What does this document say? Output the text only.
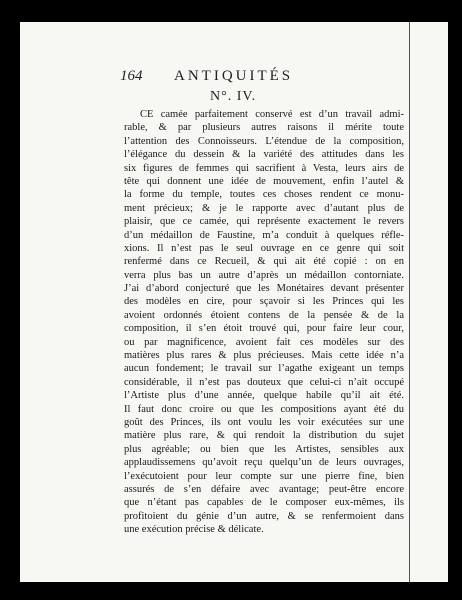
164 ANTIQUITÉS
N°. IV.
CE camée parfaitement conservé est d’un travail admi-
rable, & par plusieurs autres raisons il mérite toute
l’attention des Connoisseurs. L’étendue de la composition,
l’élégance du dessein & la variété des attitudes dans les
six figures de femmes qui sacrifient à Vesta, leurs airs de
tête qui donnent une idée de mouvement, enfin l’autel &
la forme du temple, toutes ces choses rendent ce monu-
ment précieux; & je le rapporte avec d’autant plus de
plaisir, que ce camée, qui représente exactement le revers
d’un médaillon de Faustine, m’a conduit à quelques réfle-
xions. Il n’est pas le seul ouvrage en ce genre qui soit
renfermé dans ce Recueil, & qui ait été copié : on en
verra plus bas un autre d’après un médaillon contorniate.
J’ai d’abord conjecturé que les Monétaires devant présenter
des modèles en cire, pour sçavoir si les Princes qui les
avoient ordonnés étoient contens de la pensée & de la
composition, il s’en étoit trouvé qui, pour faire leur cour,
ou par magnificence, avoient fait ces modèles sur des
matières plus rares & plus précieuses. Mais cette idée n’a
aucun fondement; le travail sur l’agathe exigeant un temps
considérable, il n’est pas douteux que celui-ci n’ait occupé
l’Artiste plus d’une année, quelque habile qu’il ait été.
Il faut donc croire ou que les compositions ayant été du
goût des Princes, ils ont voulu les voir exécutées sur une
matière plus rare, & qui rendoit la distribution du sujet
plus agréable; ou bien que les Artistes, sensibles aux
applaudissemens qu’avoit reçu quelqu’un de leurs ouvrages,
l’exécutoient pour leur compte sur une pierre fine, bien
assurés de s’en défaire avec avantage; peut-être encore
que n’étant pas capables de le composer eux-mêmes, ils
profitoient du génie d’un autre, & se renfermoient dans
une exécution précise & délicate.
